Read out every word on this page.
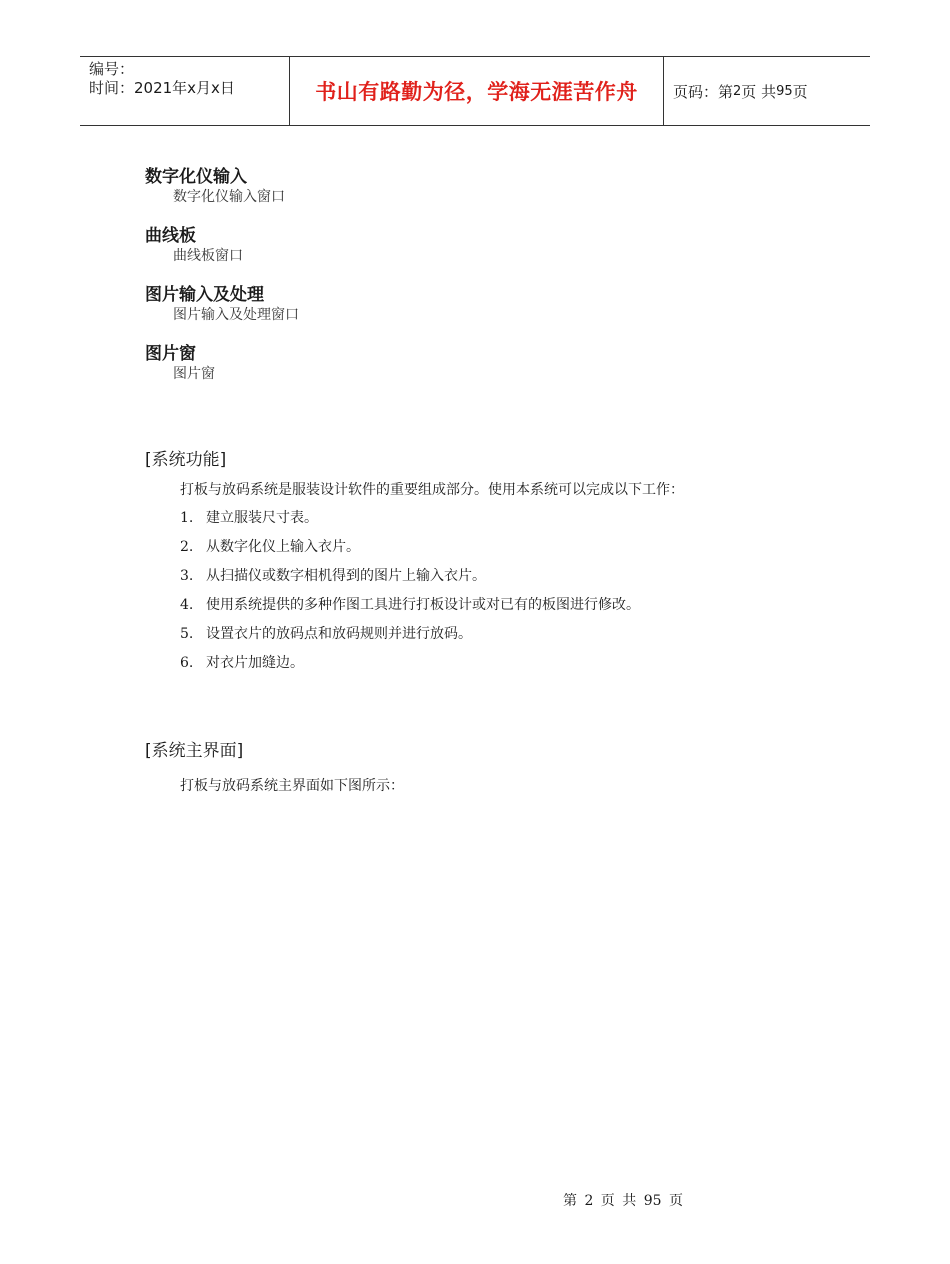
编号：
时间：2021年x月x日	书山有路勤为径，学海无涯苦作舟	页码：第 2 页 共 95 页
数字化仪输入
数字化仪输入窗口
曲线板
曲线板窗口
图片输入及处理
图片输入及处理窗口
图片窗
图片窗
[系统功能]
打板与放码系统是服装设计软件的重要组成部分。使用本系统可以完成以下工作：
1. 建立服装尺寸表。
2. 从数字化仪上输入衣片。
3. 从扫描仪或数字相机得到的图片上输入衣片。
4. 使用系统提供的多种作图工具进行打板设计或对已有的板图进行修改。
5. 设置衣片的放码点和放码规则并进行放码。
6. 对衣片加缝边。
[系统主界面]
打板与放码系统主界面如下图所示：
第 2 页 共 95 页
